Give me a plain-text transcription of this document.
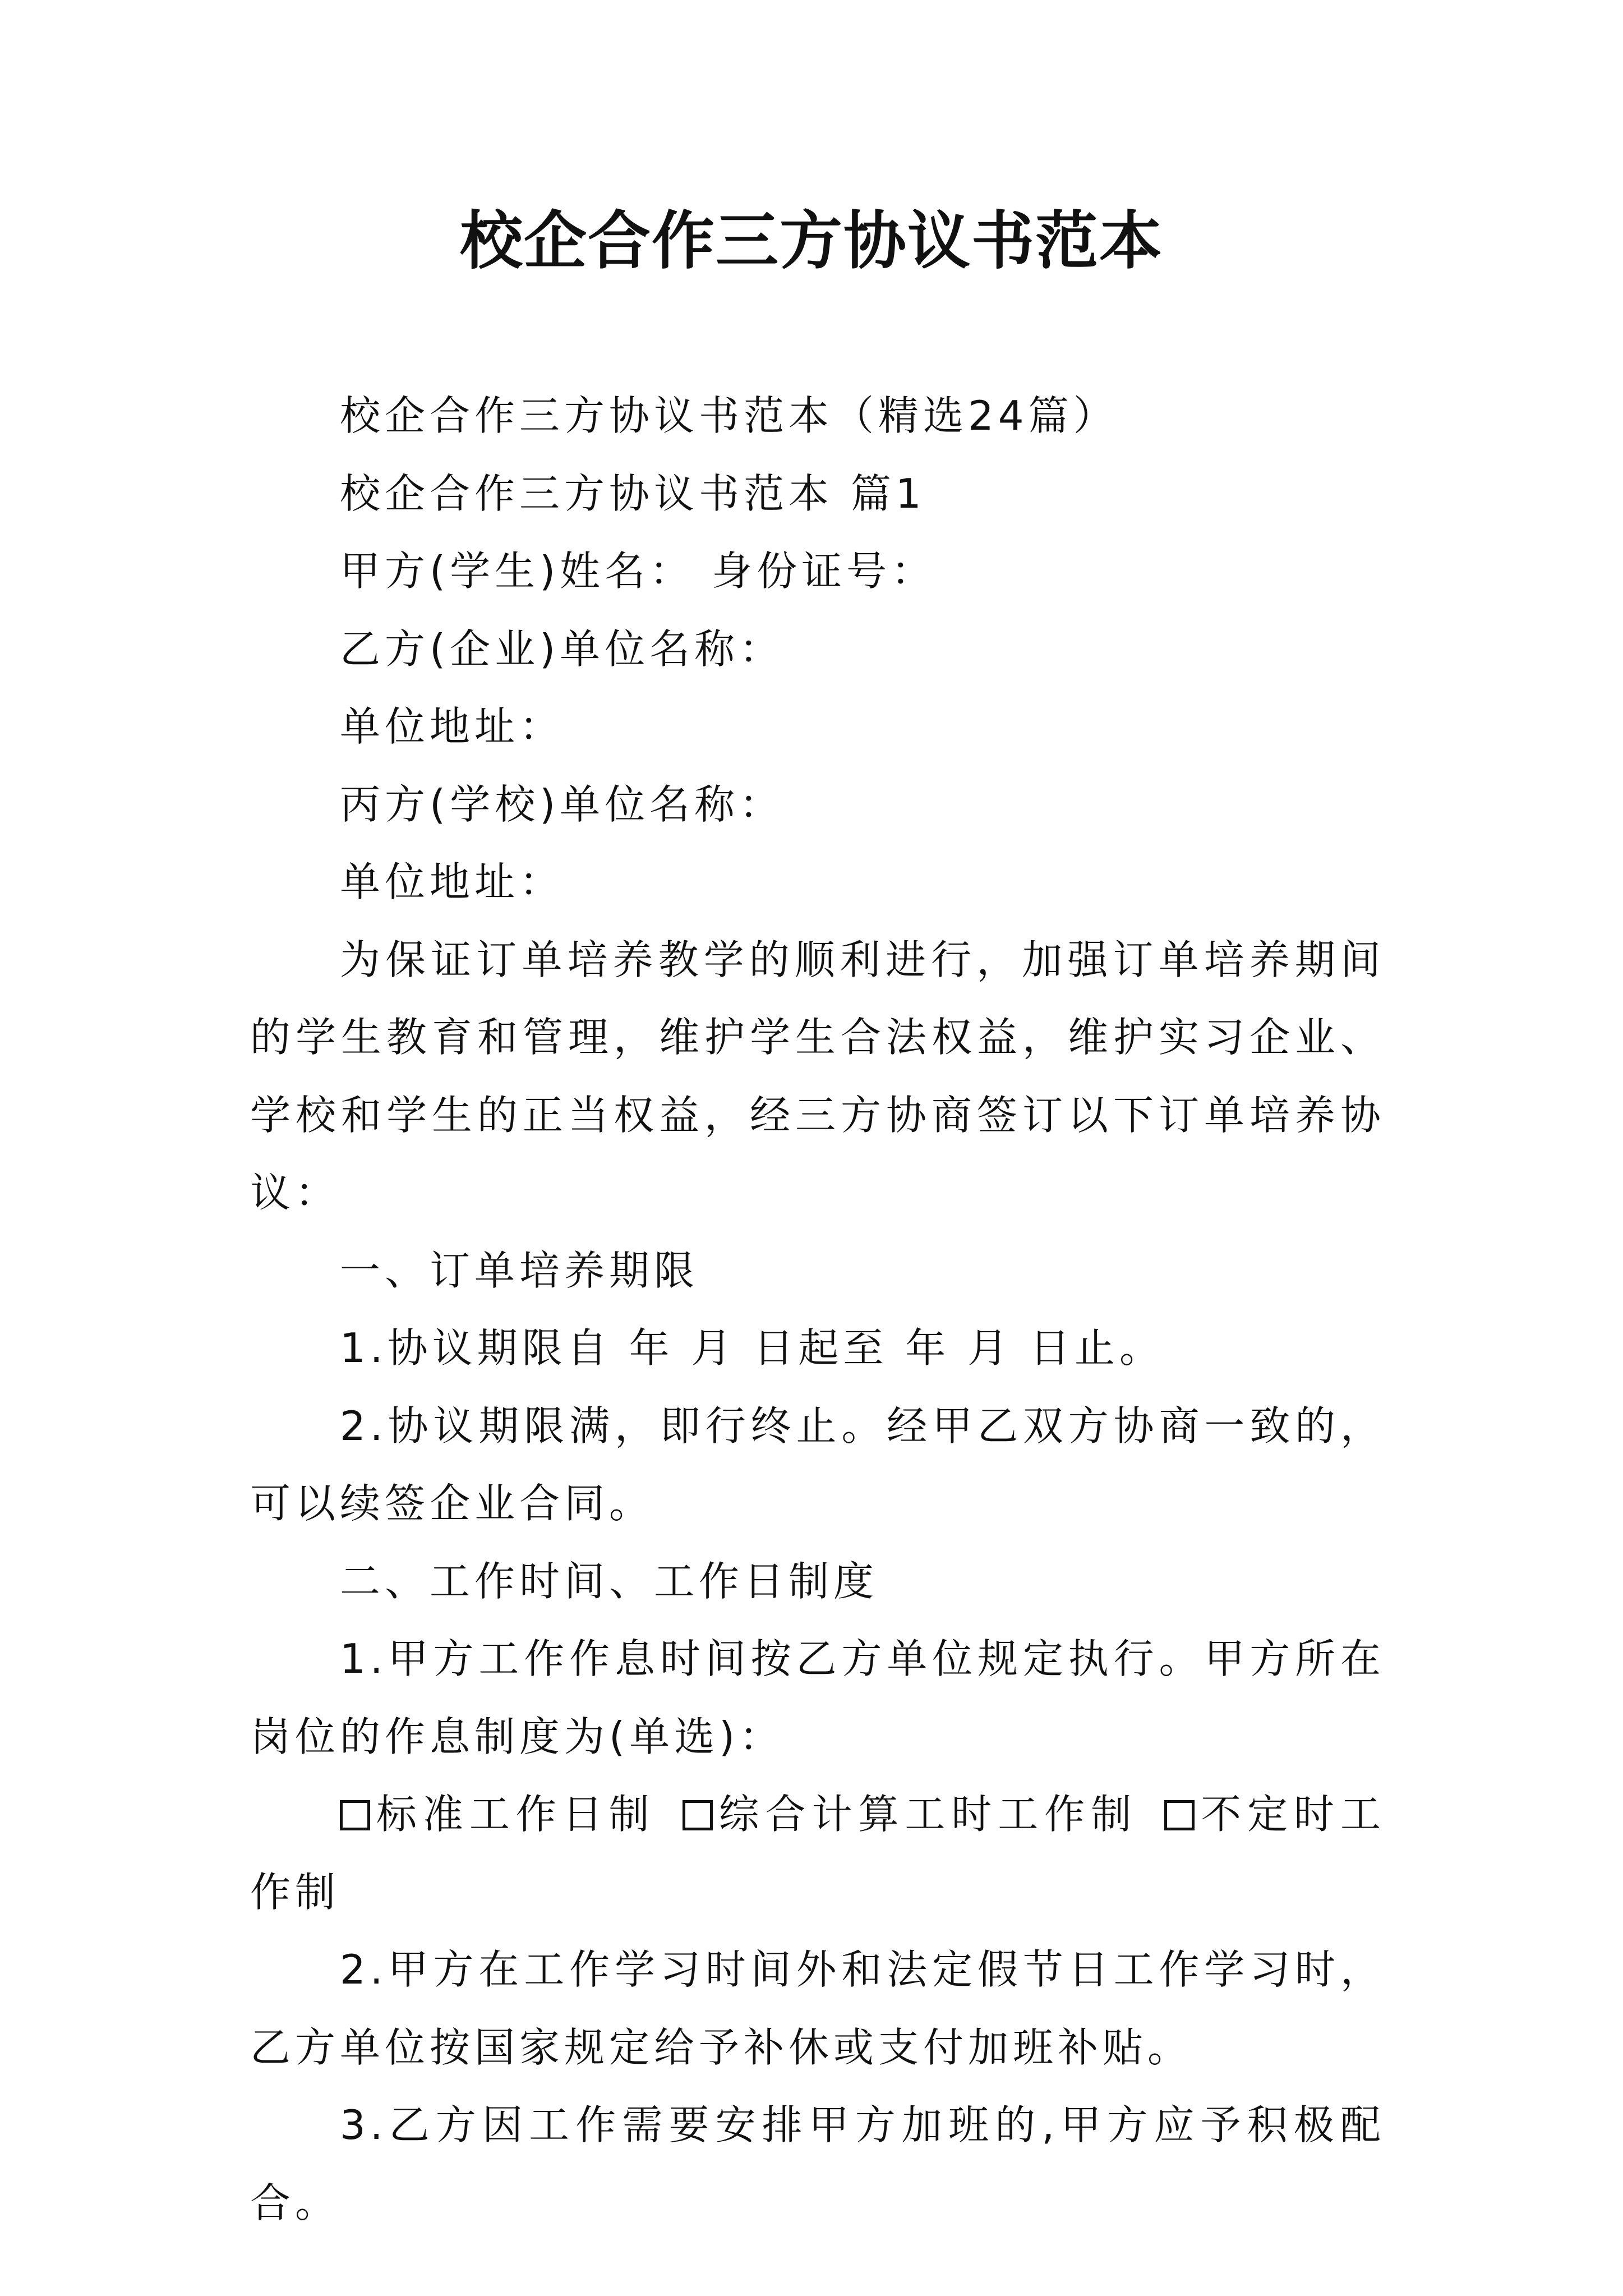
校企合作三方协议书范本

校企合作三方协议书范本（精选24篇）

校企合作三方协议书范本 篇1

甲方(学生)姓名： 身份证号：

乙方(企业)单位名称：

单位地址：

丙方(学校)单位名称：

单位地址：

为保证订单培养教学的顺利进行，加强订单培养期间的学生教育和管理，维护学生合法权益，维护实习企业、学校和学生的正当权益，经三方协商签订以下订单培养协议：

一、订单培养期限

1.协议期限自 年 月 日起至 年 月 日止。

2.协议期限满，即行终止。经甲乙双方协商一致的，可以续签企业合同。

二、工作时间、工作日制度

1.甲方工作作息时间按乙方单位规定执行。甲方所在岗位的作息制度为(单选)：

标准工作日制 综合计算工时工作制 不定时工作制

2.甲方在工作学习时间外和法定假节日工作学习时，乙方单位按国家规定给予补休或支付加班补贴。

3.乙方因工作需要安排甲方加班的,甲方应予积极配合。
